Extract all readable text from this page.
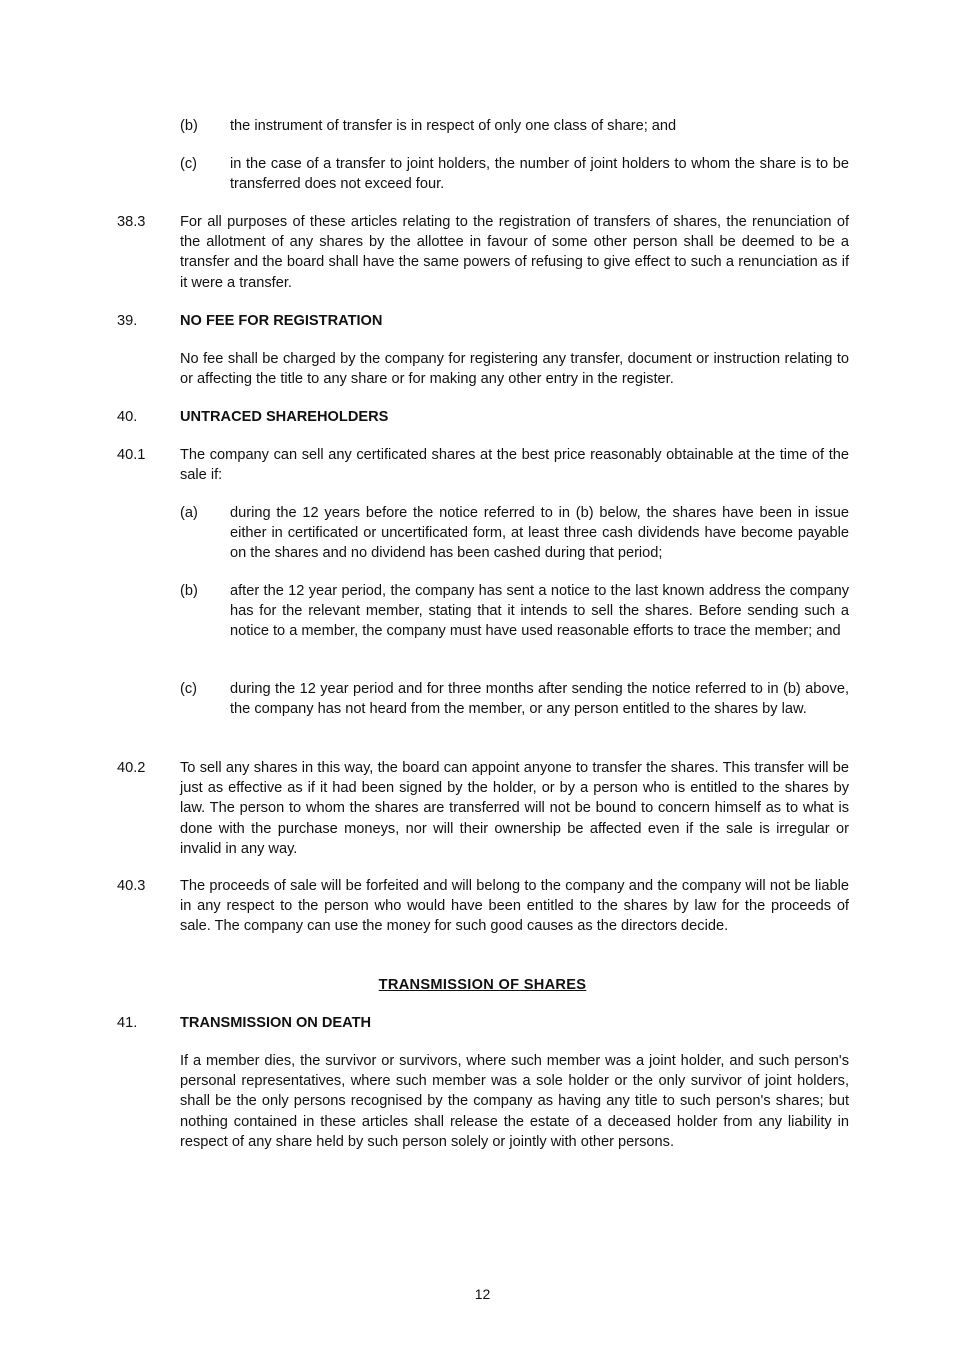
(b)	the instrument of transfer is in respect of only one class of share; and
(c)	in the case of a transfer to joint holders, the number of joint holders to whom the share is to be transferred does not exceed four.
38.3	For all purposes of these articles relating to the registration of transfers of shares, the renunciation of the allotment of any shares by the allottee in favour of some other person shall be deemed to be a transfer and the board shall have the same powers of refusing to give effect to such a renunciation as if it were a transfer.
39.	NO FEE FOR REGISTRATION
No fee shall be charged by the company for registering any transfer, document or instruction relating to or affecting the title to any share or for making any other entry in the register.
40.	UNTRACED SHAREHOLDERS
40.1	The company can sell any certificated shares at the best price reasonably obtainable at the time of the sale if:
(a)	during the 12 years before the notice referred to in (b) below, the shares have been in issue either in certificated or uncertificated form, at least three cash dividends have become payable on the shares and no dividend has been cashed during that period;
(b)	after the 12 year period, the company has sent a notice to the last known address the company has for the relevant member, stating that it intends to sell the shares. Before sending such a notice to a member, the company must have used reasonable efforts to trace the member; and
(c)	during the 12 year period and for three months after sending the notice referred to in (b) above, the company has not heard from the member, or any person entitled to the shares by law.
40.2	To sell any shares in this way, the board can appoint anyone to transfer the shares. This transfer will be just as effective as if it had been signed by the holder, or by a person who is entitled to the shares by law. The person to whom the shares are transferred will not be bound to concern himself as to what is done with the purchase moneys, nor will their ownership be affected even if the sale is irregular or invalid in any way.
40.3	The proceeds of sale will be forfeited and will belong to the company and the company will not be liable in any respect to the person who would have been entitled to the shares by law for the proceeds of sale. The company can use the money for such good causes as the directors decide.
TRANSMISSION OF SHARES
41.	TRANSMISSION ON DEATH
If a member dies, the survivor or survivors, where such member was a joint holder, and such person's personal representatives, where such member was a sole holder or the only survivor of joint holders, shall be the only persons recognised by the company as having any title to such person's shares; but nothing contained in these articles shall release the estate of a deceased holder from any liability in respect of any share held by such person solely or jointly with other persons.
12
